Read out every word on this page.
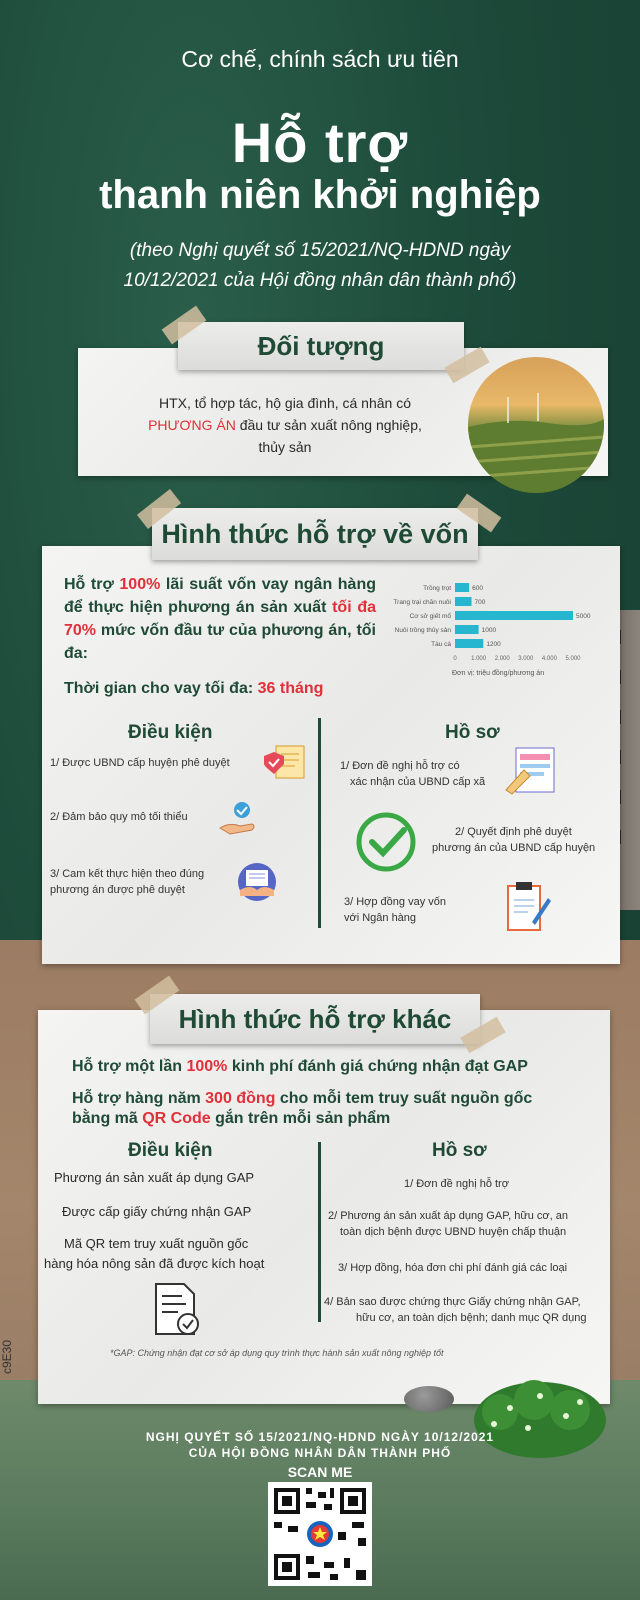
Cơ chế, chính sách ưu tiên
Hỗ trợ
thanh niên khởi nghiệp
(theo Nghị quyết số 15/2021/NQ-HDND ngày
10/12/2021 của Hội đồng nhân dân thành phố)
Đối tượng
HTX, tổ hợp tác, hộ gia đình, cá nhân có
PHƯƠNG ÁN đầu tư sản xuất nông nghiệp,
thủy sản
Hình thức hỗ trợ về vốn
Hỗ trợ 100% lãi suất vốn vay ngân hàng để thực hiện phương án sản xuất tối đa 70% mức vốn đầu tư của phương án, tối đa:
Thời gian cho vay tối đa: 36 tháng
Trồng trọt	600
Trang trại chăn nuôi	700
Cơ sở giết mổ	5000
Nuôi trồng thủy sản	1000
Tàu cá	1200
0 1.000 2.000 3.000 4.000 5.000
Đơn vị: triệu đồng/phương án
Điều kiện	Hồ sơ
1/ Được UBND cấp huyện phê duyệt
2/ Đảm bảo quy mô tối thiểu
3/ Cam kết thực hiện theo đúng
phương án được phê duyệt
1/ Đơn đề nghị hỗ trợ có
xác nhận của UBND cấp xã
2/ Quyết định phê duyệt
phương án của UBND cấp huyện
3/ Hợp đồng vay vốn
với Ngân hàng
Hình thức hỗ trợ khác
Hỗ trợ một lần 100% kinh phí đánh giá chứng nhận đạt GAP
Hỗ trợ hàng năm 300 đồng cho mỗi tem truy suất nguồn gốc
bằng mã QR Code gắn trên mỗi sản phẩm
Điều kiện	Hồ sơ
Phương án sản xuất áp dụng GAP
Được cấp giấy chứng nhận GAP
Mã QR tem truy xuất nguồn gốc
hàng hóa nông sản đã được kích hoạt
1/ Đơn đề nghị hỗ trợ
2/ Phương án sản xuất áp dụng GAP, hữu cơ, an
toàn dịch bệnh được UBND huyện chấp thuận
3/ Hợp đồng, hóa đơn chi phí đánh giá các loại
4/ Bản sao được chứng thực Giấy chứng nhận GAP,
hữu cơ, an toàn dịch bệnh; danh mục QR dụng
*GAP: Chứng nhận đạt cơ sở áp dụng quy trình thực hành sản xuất nông nghiệp tốt
c9E30
NGHỊ QUYẾT SỐ 15/2021/NQ-HDND NGÀY 10/12/2021
CỦA HỘI ĐỒNG NHÂN DÂN THÀNH PHỐ
SCAN ME
